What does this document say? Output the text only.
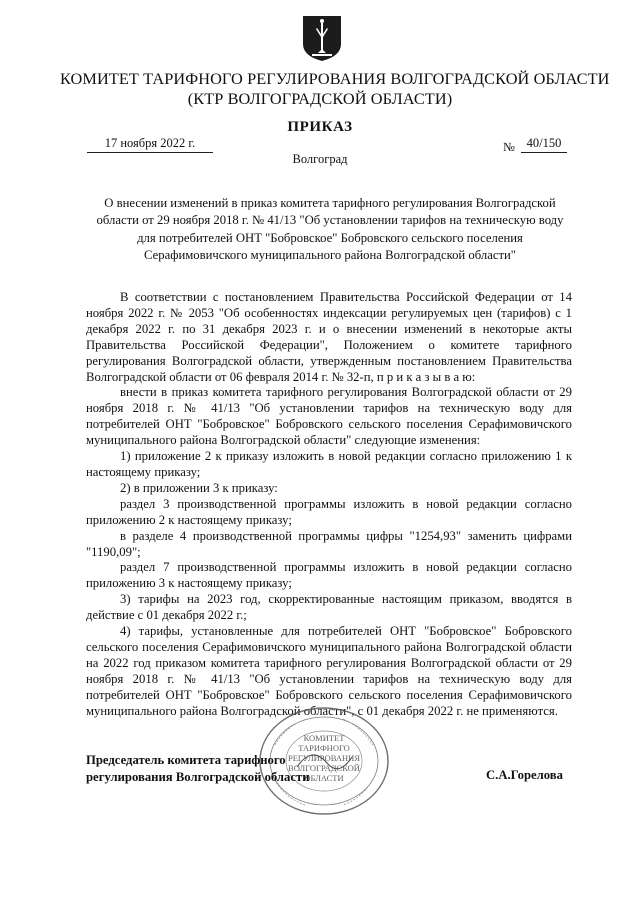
КОМИТЕТ ТАРИФНОГО РЕГУЛИРОВАНИЯ ВОЛГОГРАДСКОЙ ОБЛАСТИ
(КТР ВОЛГОГРАДСКОЙ ОБЛАСТИ)
ПРИКАЗ
17 ноября 2022 г.	№ 40/150
Волгоград
О внесении изменений в приказ комитета тарифного регулирования Волгоградской
области от 29 ноября 2018 г. № 41/13 "Об установлении тарифов на техническую воду
для потребителей ОНТ "Бобровское" Бобровского сельского поселения
Серафимовичского муниципального района Волгоградской области"

В соответствии с постановлением Правительства Российской Федерации от 14 ноября 2022 г. № 2053 "Об особенностях индексации регулируемых цен (тарифов) с 1 декабря 2022 г. по 31 декабря 2023 г. и о внесении изменений в некоторые акты Правительства Российской Федерации", Положением о комитете тарифного регулирования Волгоградской области, утвержденным постановлением Правительства Волгоградской области от 06 февраля 2014 г. № 32-п, п р и к а з ы в а ю:

внести в приказ комитета тарифного регулирования Волгоградской области от 29 ноября 2018 г. № 41/13 "Об установлении тарифов на техническую воду для потребителей ОНТ "Бобровское" Бобровского сельского поселения Серафимовичского муниципального района Волгоградской области" следующие изменения:

1) приложение 2 к приказу изложить в новой редакции согласно приложению 1 к настоящему приказу;

2) в приложении 3 к приказу:

раздел 3 производственной программы изложить в новой редакции согласно приложению 2 к настоящему приказу;

в разделе 4 производственной программы цифры "1254,93" заменить цифрами "1190,09";

раздел 7 производственной программы изложить в новой редакции согласно приложению 3 к настоящему приказу;

3) тарифы на 2023 год, скорректированные настоящим приказом, вводятся в действие с 01 декабря 2022 г.;

4) тарифы, установленные для потребителей ОНТ "Бобровское" Бобровского сельского поселения Серафимовичского муниципального района Волгоградской области на 2022 год приказом комитета тарифного регулирования Волгоградской области от 29 ноября 2018 г. № 41/13 "Об установлении тарифов на техническую воду для потребителей ОНТ "Бобровское" Бобровского сельского поселения Серафимовичского муниципального района Волгоградской области", с 01 декабря 2022 г. не применяются.

КОМИТЕТ
ТАРИФНОГО
РЕГУЛИРОВАНИЯ
ВОЛГОГРАДСКОЙ
ОБЛАСТИ
Председатель комитета тарифного
регулирования Волгоградской области	С.А.Горелова
